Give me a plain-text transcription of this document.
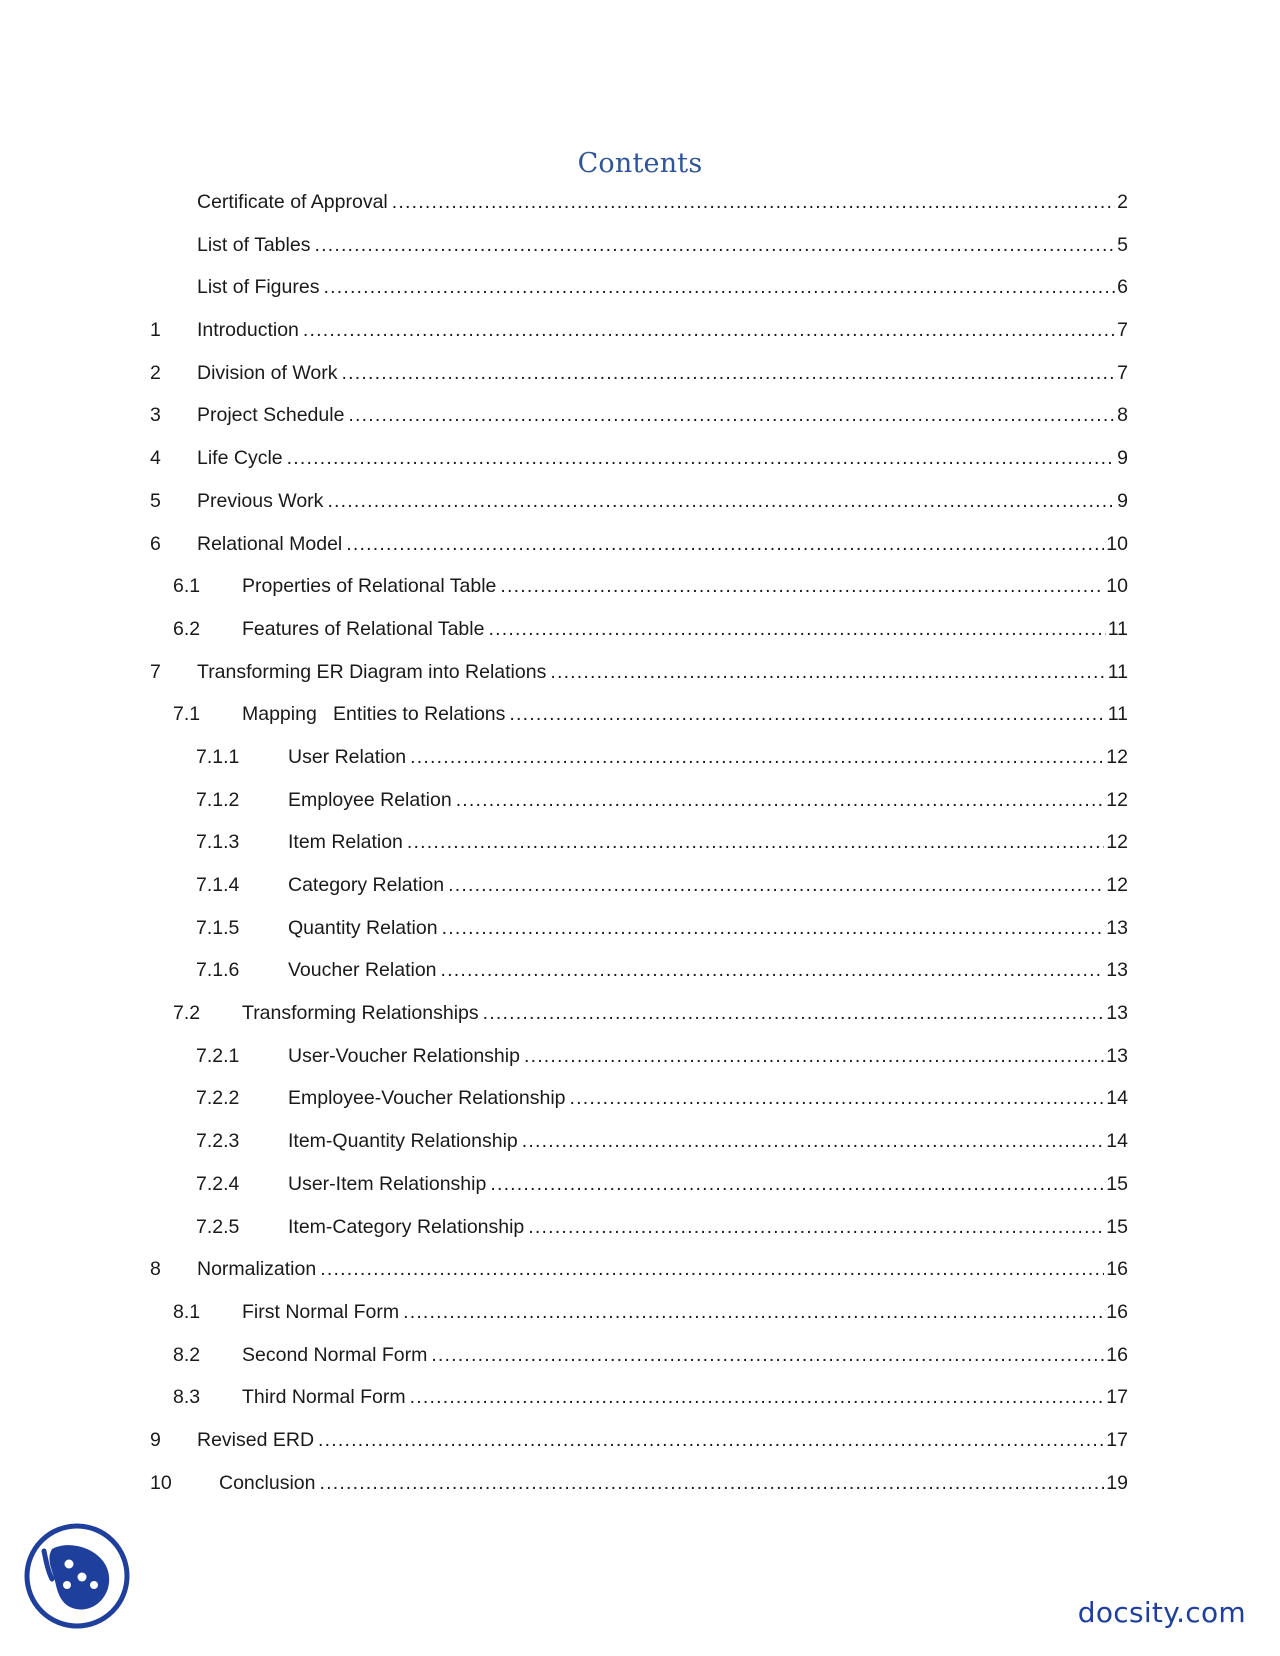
Contents
Certificate of Approval .....	2
List of Tables .....	5
List of Figures .....	6
1	Introduction .....	7
2	Division of Work .....	7
3	Project Schedule .....	8
4	Life Cycle .....	9
5	Previous Work .....	9
6	Relational Model .....	10
6.1	Properties of Relational Table .....	10
6.2	Features of Relational Table .....	11
7	Transforming ER Diagram into Relations .....	11
7.1	Mapping   Entities to Relations .....	11
7.1.1	User Relation .....	12
7.1.2	Employee Relation .....	12
7.1.3	Item Relation .....	12
7.1.4	Category Relation .....	12
7.1.5	Quantity Relation .....	13
7.1.6	Voucher Relation .....	13
7.2	Transforming Relationships .....	13
7.2.1	User-Voucher Relationship .....	13
7.2.2	Employee-Voucher Relationship .....	14
7.2.3	Item-Quantity Relationship .....	14
7.2.4	User-Item Relationship .....	15
7.2.5	Item-Category Relationship .....	15
8	Normalization .....	16
8.1	First Normal Form .....	16
8.2	Second Normal Form .....	16
8.3	Third Normal Form .....	17
9	Revised ERD .....	17
10	Conclusion .....	19
docsity.com
